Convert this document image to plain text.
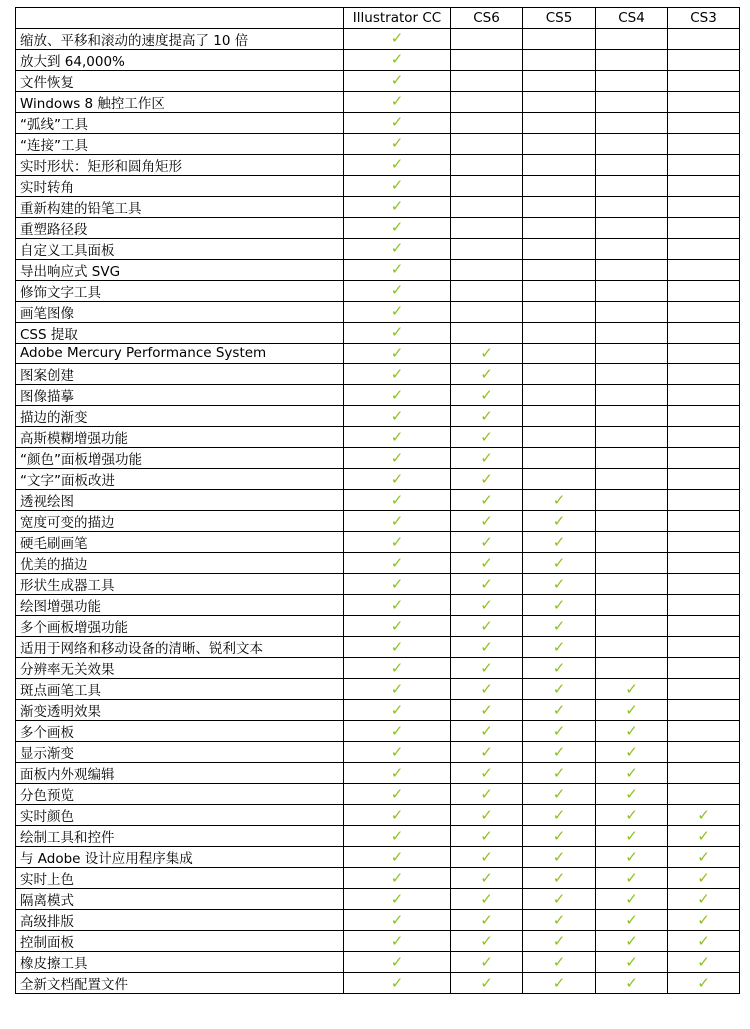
	Illustrator CC	CS6	CS5	CS4	CS3
缩放、平移和滚动的速度提高了 10 倍	✓				
放大到 64,000%	✓				
文件恢复	✓				
Windows 8 触控工作区	✓				
“弧线”工具	✓				
“连接”工具	✓				
实时形状：矩形和圆角矩形	✓				
实时转角	✓				
重新构建的铅笔工具	✓				
重塑路径段	✓				
自定义工具面板	✓				
导出响应式 SVG	✓				
修饰文字工具	✓				
画笔图像	✓				
CSS 提取	✓				
Adobe Mercury Performance System	✓	✓			
图案创建	✓	✓			
图像描摹	✓	✓			
描边的渐变	✓	✓			
高斯模糊增强功能	✓	✓			
“颜色”面板增强功能	✓	✓			
“文字”面板改进	✓	✓			
透视绘图	✓	✓	✓		
宽度可变的描边	✓	✓	✓		
硬毛刷画笔	✓	✓	✓		
优美的描边	✓	✓	✓		
形状生成器工具	✓	✓	✓		
绘图增强功能	✓	✓	✓		
多个画板增强功能	✓	✓	✓		
适用于网络和移动设备的清晰、锐利文本	✓	✓	✓		
分辨率无关效果	✓	✓	✓		
斑点画笔工具	✓	✓	✓	✓	
渐变透明效果	✓	✓	✓	✓	
多个画板	✓	✓	✓	✓	
显示渐变	✓	✓	✓	✓	
面板内外观编辑	✓	✓	✓	✓	
分色预览	✓	✓	✓	✓	
实时颜色	✓	✓	✓	✓	✓
绘制工具和控件	✓	✓	✓	✓	✓
与 Adobe 设计应用程序集成	✓	✓	✓	✓	✓
实时上色	✓	✓	✓	✓	✓
隔离模式	✓	✓	✓	✓	✓
高级排版	✓	✓	✓	✓	✓
控制面板	✓	✓	✓	✓	✓
橡皮擦工具	✓	✓	✓	✓	✓
全新文档配置文件	✓	✓	✓	✓	✓
